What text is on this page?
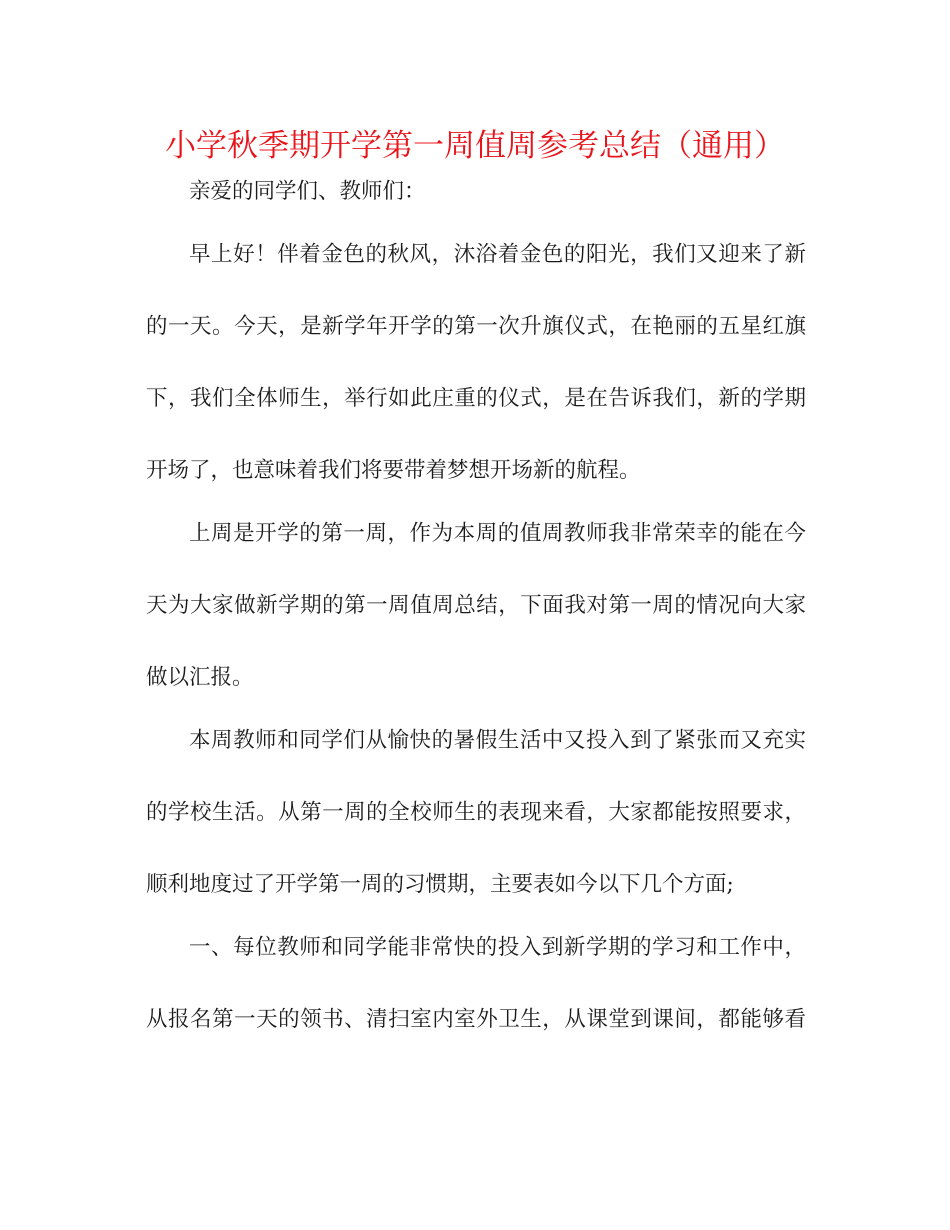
小学秋季期开学第一周值周参考总结（通用）
亲爱的同学们、教师们：
早上好！伴着金色的秋风，沐浴着金色的阳光，我们又迎来了新
的一天。今天，是新学年开学的第一次升旗仪式，在艳丽的五星红旗
下，我们全体师生，举行如此庄重的仪式，是在告诉我们，新的学期
开场了，也意味着我们将要带着梦想开场新的航程。
上周是开学的第一周，作为本周的值周教师我非常荣幸的能在今
天为大家做新学期的第一周值周总结，下面我对第一周的情况向大家
做以汇报。
本周教师和同学们从愉快的暑假生活中又投入到了紧张而又充实
的学校生活。从第一周的全校师生的表现来看，大家都能按照要求，
顺利地度过了开学第一周的习惯期，主要表如今以下几个方面;
一、每位教师和同学能非常快的投入到新学期的学习和工作中，
从报名第一天的领书、清扫室内室外卫生，从课堂到课间，都能够看
